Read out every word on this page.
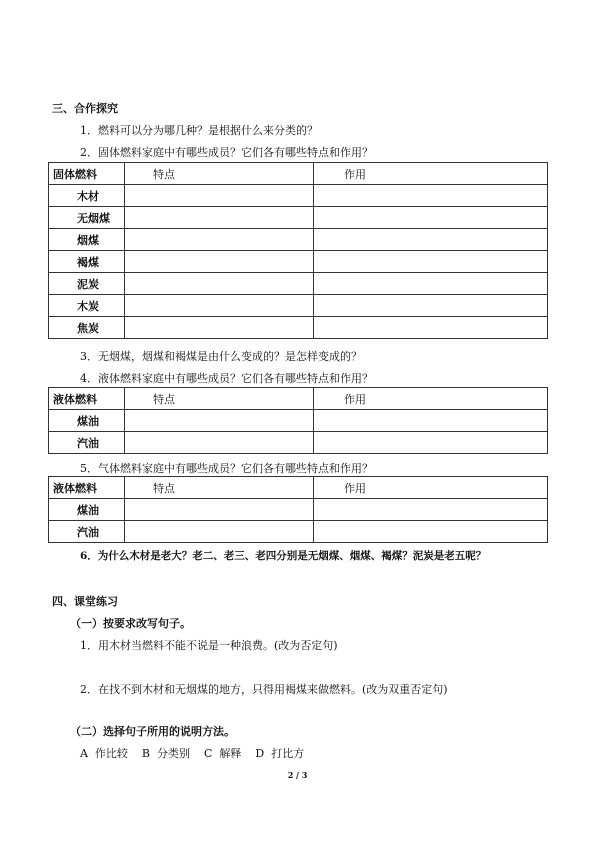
三、合作探究
1．燃料可以分为哪几种？是根据什么来分类的？
2．固体燃料家庭中有哪些成员？它们各有哪些特点和作用？
固体燃料	特点	作用
木材		
无烟煤		
烟煤		
褐煤		
泥炭		
木炭		
焦炭		
3．无烟煤，烟煤和褐煤是由什么变成的？是怎样变成的？
4．液体燃料家庭中有哪些成员？它们各有哪些特点和作用？
液体燃料	特点	作用
煤油		
汽油		
5．气体燃料家庭中有哪些成员？它们各有哪些特点和作用？
液体燃料	特点	作用
煤油		
汽油		
6．为什么木材是老大？老二、老三、老四分别是无烟煤、烟煤、褐煤？泥炭是老五呢？
四、课堂练习
（一）按要求改写句子。
1．用木材当燃料不能不说是一种浪费。(改为否定句)
2．在找不到木材和无烟煤的地方，只得用褐煤来做燃料。(改为双重否定句)
（二）选择句子所用的说明方法。
A  作比较    B  分类别    C  解释    D  打比方
2 / 3
